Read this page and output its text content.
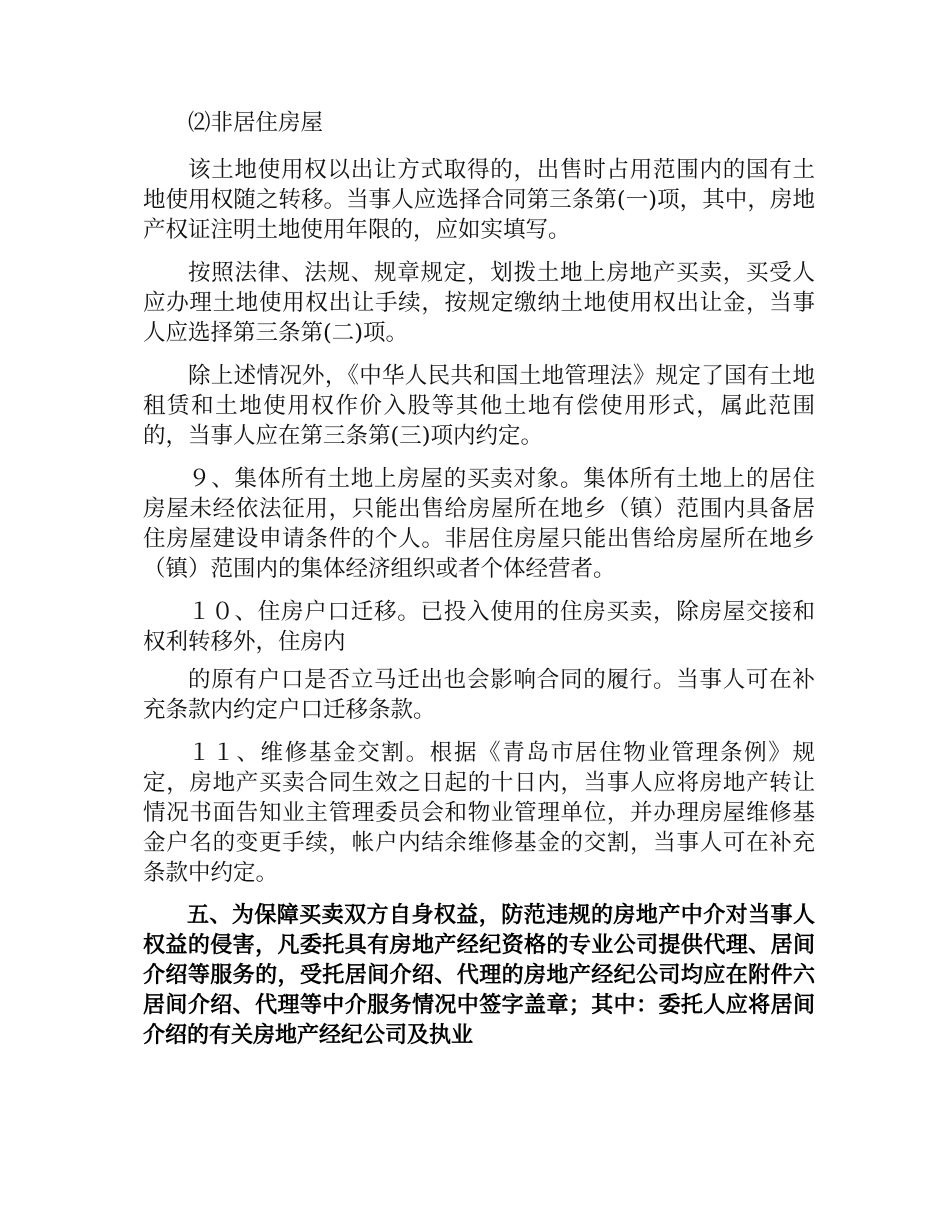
⑵非居住房屋

该土地使用权以出让方式取得的，出售时占用范围内的国有土地使用权随之转移。当事人应选择合同第三条第(一)项，其中，房地产权证注明土地使用年限的，应如实填写。

按照法律、法规、规章规定，划拨土地上房地产买卖，买受人应办理土地使用权出让手续，按规定缴纳土地使用权出让金，当事人应选择第三条第(二)项。

除上述情况外，《中华人民共和国土地管理法》规定了国有土地租赁和土地使用权作价入股等其他土地有偿使用形式，属此范围的，当事人应在第三条第(三)项内约定。

９、集体所有土地上房屋的买卖对象。集体所有土地上的居住房屋未经依法征用，只能出售给房屋所在地乡（镇）范围内具备居住房屋建设申请条件的个人。非居住房屋只能出售给房屋所在地乡（镇）范围内的集体经济组织或者个体经营者。

１０、住房户口迁移。已投入使用的住房买卖，除房屋交接和权利转移外，住房内

的原有户口是否立马迁出也会影响合同的履行。当事人可在补充条款内约定户口迁移条款。

１１、维修基金交割。根据《青岛市居住物业管理条例》规定，房地产买卖合同生效之日起的十日内，当事人应将房地产转让情况书面告知业主管理委员会和物业管理单位，并办理房屋维修基金户名的变更手续，帐户内结余维修基金的交割，当事人可在补充条款中约定。

五、为保障买卖双方自身权益，防范违规的房地产中介对当事人权益的侵害，凡委托具有房地产经纪资格的专业公司提供代理、居间介绍等服务的，受托居间介绍、代理的房地产经纪公司均应在附件六居间介绍、代理等中介服务情况中签字盖章；其中：委托人应将居间介绍的有关房地产经纪公司及执业
